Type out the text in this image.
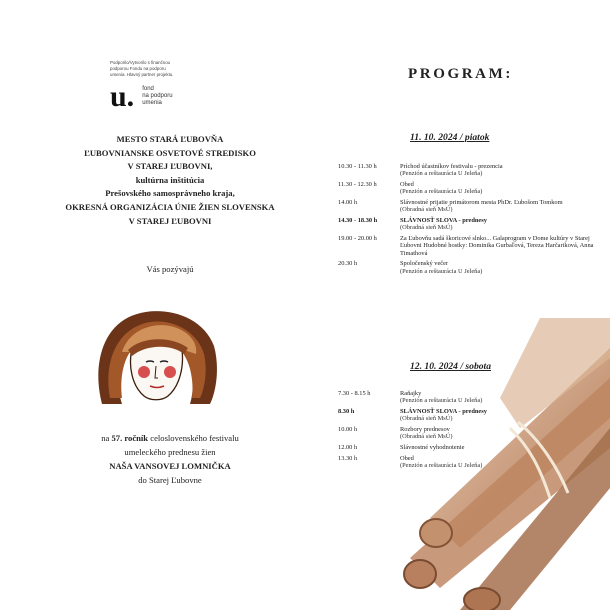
Podporilo/Vytvorilo s finančnou
podporou Fondu na podporu
umenia. Hlavný partner projektu.
u. fond
na podporu
umenia
MESTO STARÁ ĽUBOVŇA
ĽUBOVNIANSKE OSVETOVÉ STREDISKO
V STAREJ ĽUBOVNI,
kultúrna inštitúcia
Prešovského samosprávneho kraja,
OKRESNÁ ORGANIZÁCIA ÚNIE ŽIEN SLOVENSKA
V STAREJ ĽUBOVNI
Vás pozývajú
na 57. ročník celoslovenského festivalu
umeleckého prednesu žien
NAŠA VANSOVEJ LOMNIČKA
do Starej Ľubovne
PROGRAM:
11. 10. 2024 / piatok
10.30 - 11.30 h	Príchod účastníkov festivalu - prezencia
(Penzión a reštaurácia U Jeleňa)
11.30 - 12.30 h	Obed
(Penzión a reštaurácia U Jeleňa)
14.00 h	Slávnostné prijatie primátorom mesta PhDr. Ľubošom Tomkom
(Obradná sieň MsÚ)
14.30 - 18.30 h	SLÁVNOSŤ SLOVA - prednesy
(Obradná sieň MsÚ)
19.00 - 20.00 h	Za Ľubovňu sadá škoricové slnko... Galaprogram v Dome kultúry v Starej Ľubovni Hudobné hostky: Dominika Gurbaľová, Tereza Harčariková, Anna Timathová
20.30 h	Spoločenský večer
(Penzión a reštaurácia U Jeleňa)
12. 10. 2024 / sobota
7.30 - 8.15 h	Raňajky
(Penzión a reštaurácia U Jeleňa)
8.30 h	SLÁVNOSŤ SLOVA - prednesy
(Obradná sieň MsÚ)
10.00 h	Rozbory prednesov
(Obradná sieň MsÚ)
12.00 h	Slávnostné vyhodnotenie
13.30 h	Obed
(Penzión a reštaurácia U Jeleňa)
